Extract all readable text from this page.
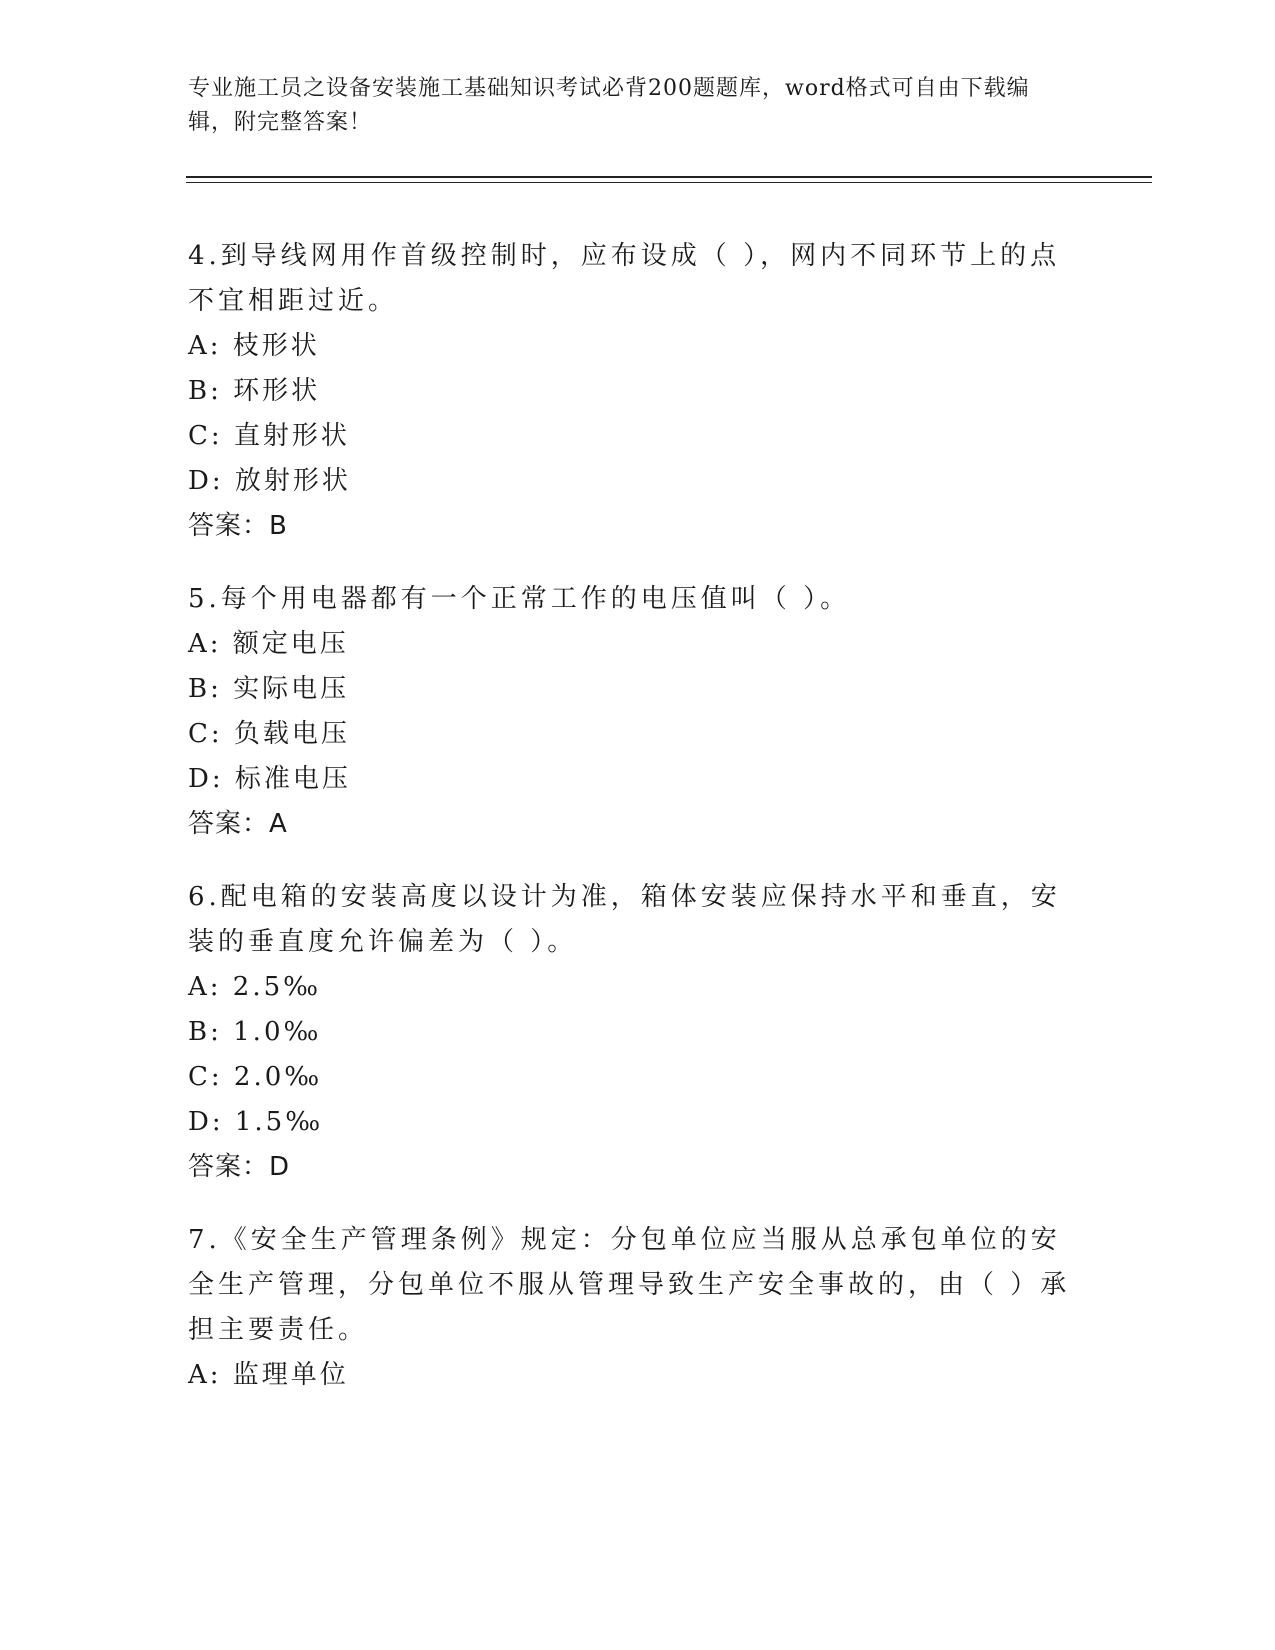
专业施工员之设备安装施工基础知识考试必背200题题库，word格式可自由下载编辑，附完整答案！

4.到导线网用作首级控制时，应布设成（ ），网内不同环节上的点不宜相距过近。

A: 枝形状

B: 环形状

C: 直射形状

D: 放射形状

答案：B

5.每个用电器都有一个正常工作的电压值叫（ ）。

A: 额定电压

B: 实际电压

C: 负载电压

D: 标准电压

答案：A

6.配电箱的安装高度以设计为准，箱体安装应保持水平和垂直，安装的垂直度允许偏差为（ ）。

A: 2.5‰

B: 1.0‰

C: 2.0‰

D: 1.5‰

答案：D

7.《安全生产管理条例》规定：分包单位应当服从总承包单位的安全生产管理，分包单位不服从管理导致生产安全事故的，由（ ）承担主要责任。

A: 监理单位
